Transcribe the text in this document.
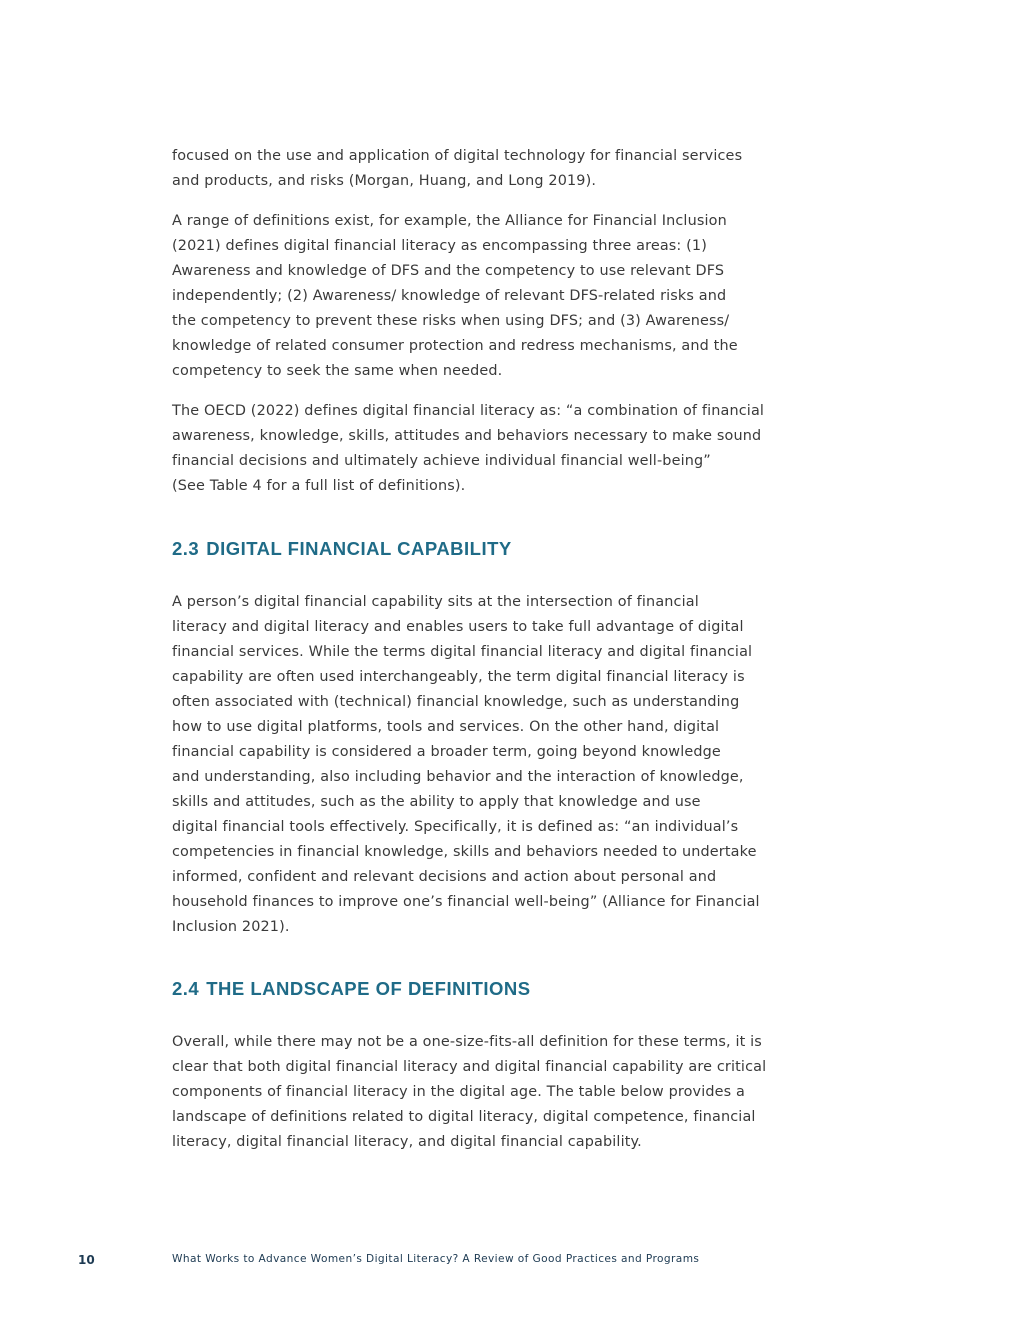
focused on the use and application of digital technology for financial services
and products, and risks (Morgan, Huang, and Long 2019).

A range of definitions exist, for example, the Alliance for Financial Inclusion
(2021) defines digital financial literacy as encompassing three areas: (1)
Awareness and knowledge of DFS and the competency to use relevant DFS
independently; (2) Awareness/ knowledge of relevant DFS-related risks and
the competency to prevent these risks when using DFS; and (3) Awareness/
knowledge of related consumer protection and redress mechanisms, and the
competency to seek the same when needed.

The OECD (2022) defines digital financial literacy as: “a combination of financial
awareness, knowledge, skills, attitudes and behaviors necessary to make sound
financial decisions and ultimately achieve individual financial well-being”
(See Table 4 for a full list of definitions).

2.3 DIGITAL FINANCIAL CAPABILITY

A person’s digital financial capability sits at the intersection of financial
literacy and digital literacy and enables users to take full advantage of digital
financial services. While the terms digital financial literacy and digital financial
capability are often used interchangeably, the term digital financial literacy is
often associated with (technical) financial knowledge, such as understanding
how to use digital platforms, tools and services. On the other hand, digital
financial capability is considered a broader term, going beyond knowledge
and understanding, also including behavior and the interaction of knowledge,
skills and attitudes, such as the ability to apply that knowledge and use
digital financial tools effectively. Specifically, it is defined as: “an individual’s
competencies in financial knowledge, skills and behaviors needed to undertake
informed, confident and relevant decisions and action about personal and
household finances to improve one’s financial well-being” (Alliance for Financial
Inclusion 2021).

2.4 THE LANDSCAPE OF DEFINITIONS

Overall, while there may not be a one-size-fits-all definition for these terms, it is
clear that both digital financial literacy and digital financial capability are critical
components of financial literacy in the digital age. The table below provides a
landscape of definitions related to digital literacy, digital competence, financial
literacy, digital financial literacy, and digital financial capability.

10	What Works to Advance Women’s Digital Literacy? A Review of Good Practices and Programs
